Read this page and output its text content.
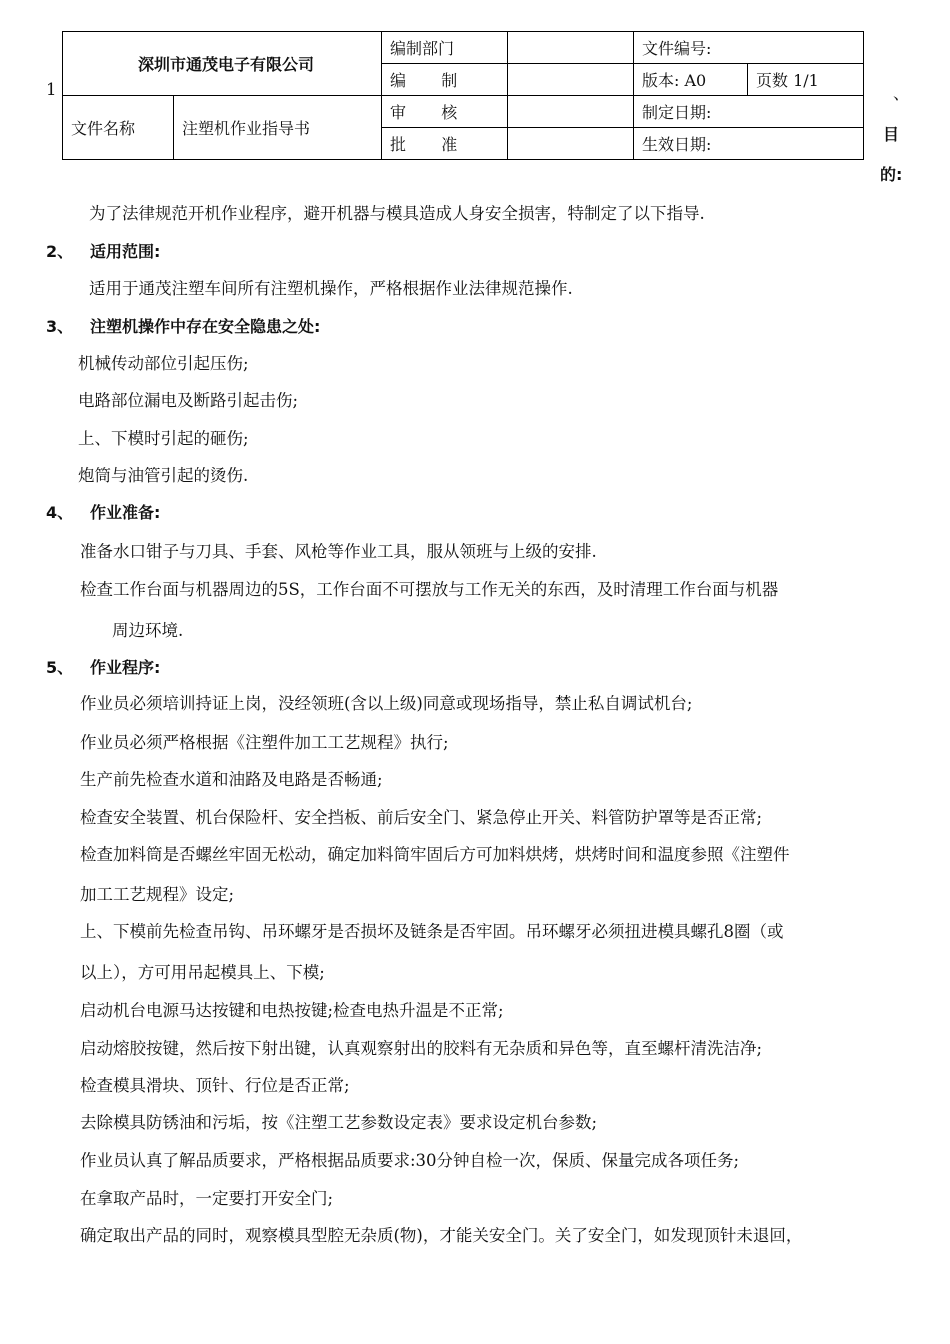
深圳市通茂电子有限公司		编制部门		文件编号:	
		编 制		版本: A0	页数 1/1
文件名称	注塑机作业指导书	审 核		制定日期:	
		批 准		生效日期:	
1	、
目
的:
为了法律规范开机作业程序，避开机器与模具造成人身安全损害，特制定了以下指导.
2、 适用范围:
适用于通茂注塑车间所有注塑机操作，严格根据作业法律规范操作.
3、 注塑机操作中存在安全隐患之处:
机械传动部位引起压伤;
电路部位漏电及断路引起击伤;
上、下模时引起的砸伤;
炮筒与油管引起的烫伤.
4、 作业准备:
准备水口钳子与刀具、手套、风枪等作业工具，服从领班与上级的安排.
检查工作台面与机器周边的5S，工作台面不可摆放与工作无关的东西，及时清理工作台面与机器
周边环境.
5、 作业程序:
作业员必须培训持证上岗，没经领班(含以上级)同意或现场指导，禁止私自调试机台;
作业员必须严格根据《注塑件加工工艺规程》执行;
生产前先检查水道和油路及电路是否畅通;
检查安全装置、机台保险杆、安全挡板、前后安全门、紧急停止开关、料管防护罩等是否正常;
检查加料筒是否螺丝牢固无松动，确定加料筒牢固后方可加料烘烤，烘烤时间和温度参照《注塑件
加工工艺规程》设定;
上、下模前先检查吊钩、吊环螺牙是否损坏及链条是否牢固。吊环螺牙必须扭进模具螺孔8圈（或
以上），方可用吊起模具上、下模;
启动机台电源马达按键和电热按键;检查电热升温是不正常;
启动熔胶按键，然后按下射出键，认真观察射出的胶料有无杂质和异色等，直至螺杆清洗洁净;
检查模具滑块、顶针、行位是否正常;
去除模具防锈油和污垢，按《注塑工艺参数设定表》要求设定机台参数;
作业员认真了解品质要求，严格根据品质要求:30分钟自检一次，保质、保量完成各项任务;
在拿取产品时，一定要打开安全门;
确定取出产品的同时，观察模具型腔无杂质(物)，才能关安全门。关了安全门，如发现顶针未退回，
